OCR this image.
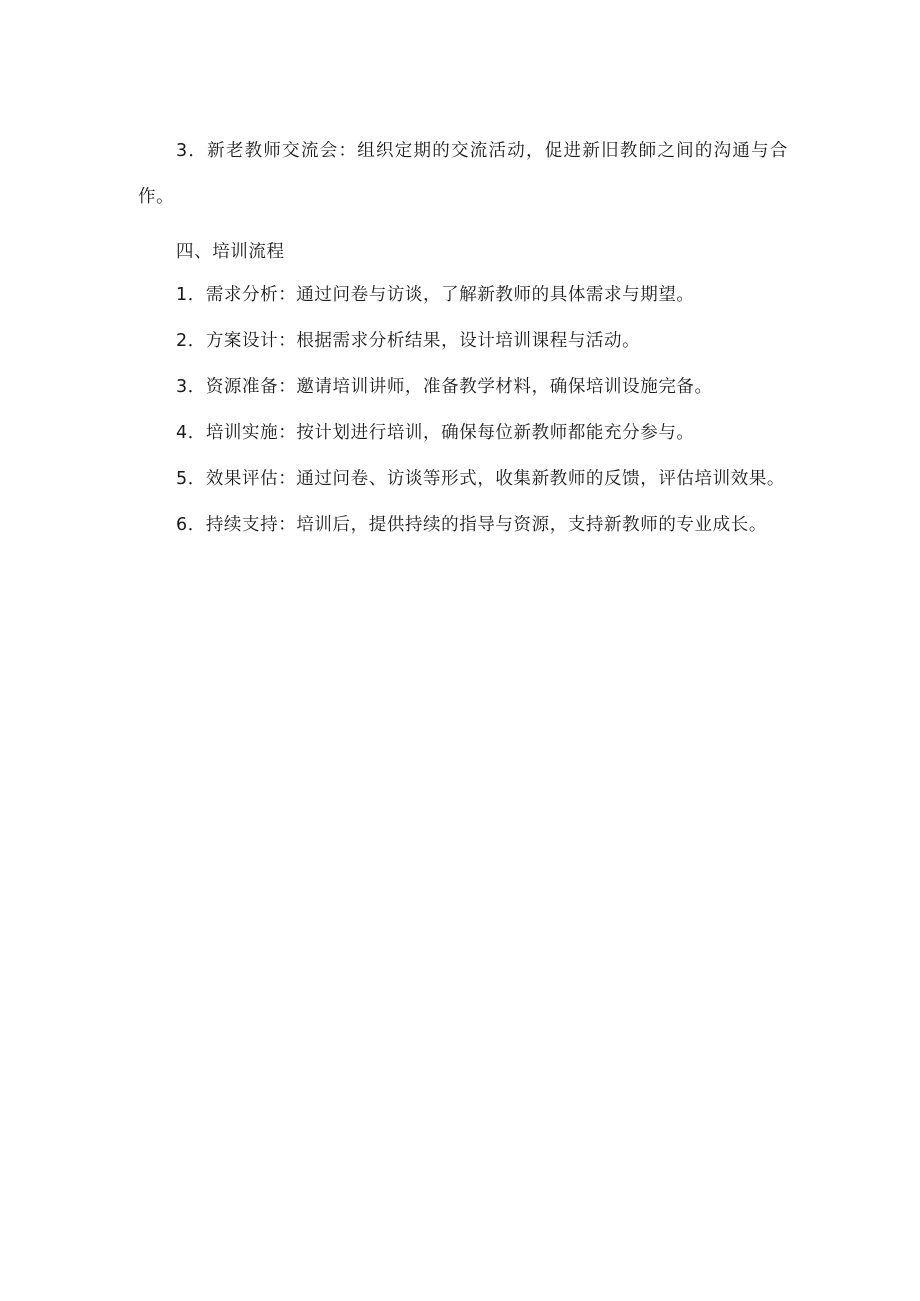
3．新老教师交流会：组织定期的交流活动，促进新旧教師之间的沟通与合作。

四、培训流程

1．需求分析：通过问卷与访谈，了解新教师的具体需求与期望。

2．方案设计：根据需求分析结果，设计培训课程与活动。

3．资源准备：邀请培训讲师，准备教学材料，确保培训设施完备。

4．培训实施：按计划进行培训，确保每位新教师都能充分参与。

5．效果评估：通过问卷、访谈等形式，收集新教师的反馈，评估培训效果。

6．持续支持：培训后，提供持续的指导与资源，支持新教师的专业成长。
